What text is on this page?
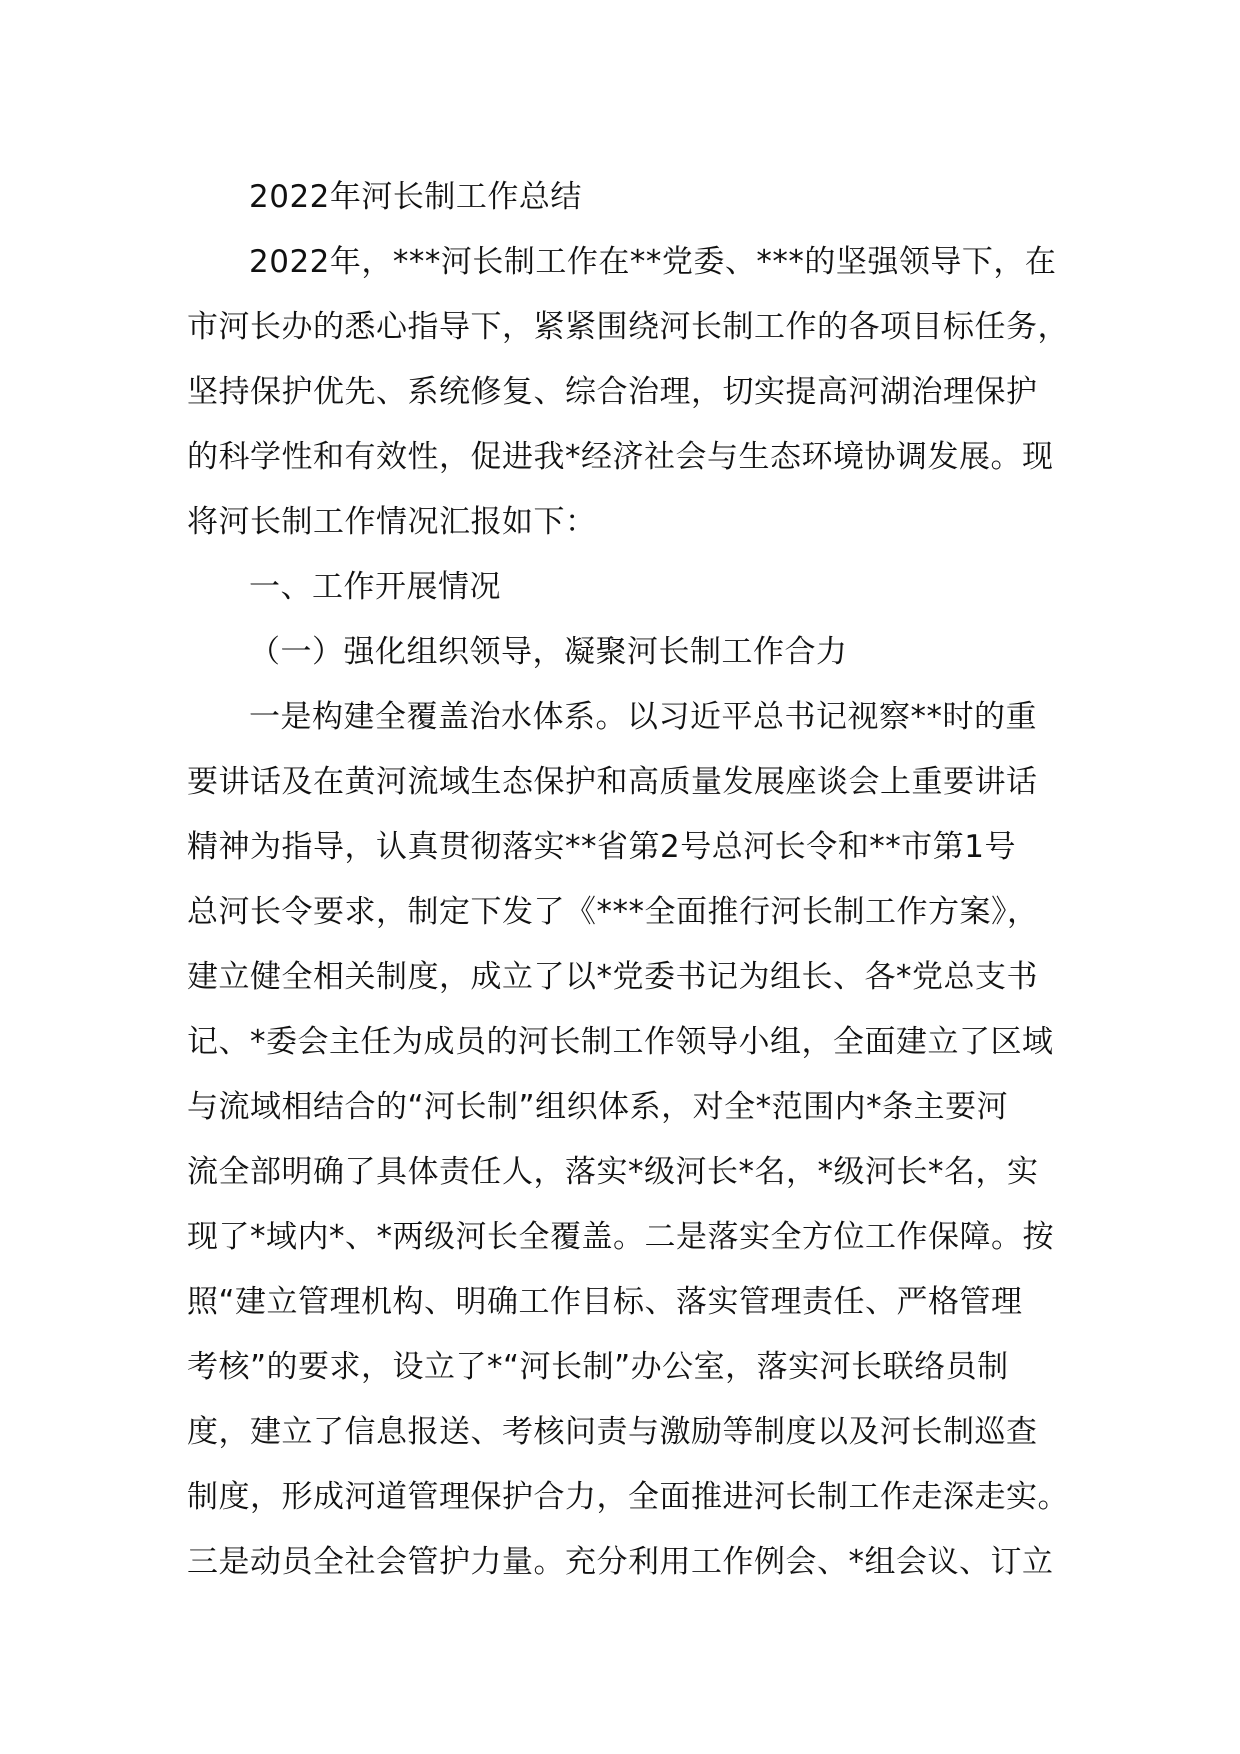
2022年河长制工作总结
2022年，***河长制工作在**党委、***的坚强领导下，在
市河长办的悉心指导下，紧紧围绕河长制工作的各项目标任务，
坚持保护优先、系统修复、综合治理，切实提高河湖治理保护
的科学性和有效性，促进我*经济社会与生态环境协调发展。现
将河长制工作情况汇报如下：
一、工作开展情况
（一）强化组织领导，凝聚河长制工作合力
一是构建全覆盖治水体系。以习近平总书记视察**时的重
要讲话及在黄河流域生态保护和高质量发展座谈会上重要讲话
精神为指导，认真贯彻落实**省第2号总河长令和**市第1号
总河长令要求，制定下发了《***全面推行河长制工作方案》，
建立健全相关制度，成立了以*党委书记为组长、各*党总支书
记、*委会主任为成员的河长制工作领导小组，全面建立了区域
与流域相结合的“河长制”组织体系，对全*范围内*条主要河
流全部明确了具体责任人，落实*级河长*名，*级河长*名，实
现了*域内*、*两级河长全覆盖。二是落实全方位工作保障。按
照“建立管理机构、明确工作目标、落实管理责任、严格管理
考核”的要求，设立了*“河长制”办公室，落实河长联络员制
度，建立了信息报送、考核问责与激励等制度以及河长制巡查
制度，形成河道管理保护合力，全面推进河长制工作走深走实。
三是动员全社会管护力量。充分利用工作例会、*组会议、订立
